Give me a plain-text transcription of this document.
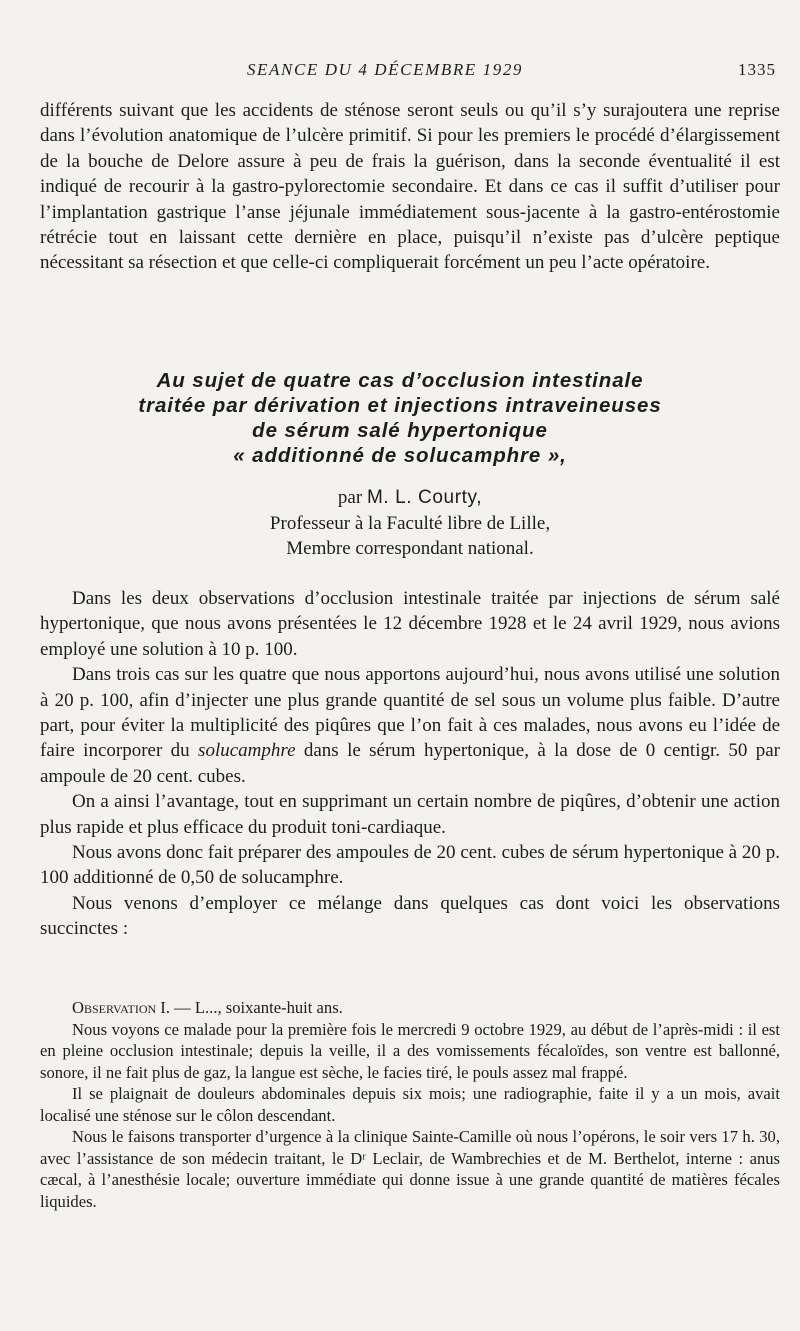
SEANCE DU 4 DÉCEMBRE 1929	1335

différents suivant que les accidents de sténose seront seuls ou qu’il s’y surajoutera une reprise dans l’évolution anatomique de l’ulcère primitif. Si pour les premiers le procédé d’élargissement de la bouche de Delore assure à peu de frais la guérison, dans la seconde éventualité il est indiqué de recourir à la gastro-pylorectomie secondaire. Et dans ce cas il suffit d’utiliser pour l’implantation gastrique l’anse jéjunale immédiatement sous-jacente à la gastro-entérostomie rétrécie tout en laissant cette dernière en place, puisqu’il n’existe pas d’ulcère peptique nécessitant sa résection et que celle-ci compliquerait forcément un peu l’acte opératoire.

Au sujet de quatre cas d’occlusion intestinale
traitée par dérivation et injections intraveineuses
de sérum salé hypertonique
« additionné de solucamphre »,
par M. L. Courty,
Professeur à la Faculté libre de Lille,
Membre correspondant national.

Dans les deux observations d’occlusion intestinale traitée par injections de sérum salé hypertonique, que nous avons présentées le 12 décembre 1928 et le 24 avril 1929, nous avions employé une solution à 10 p. 100.

Dans trois cas sur les quatre que nous apportons aujourd’hui, nous avons utilisé une solution à 20 p. 100, afin d’injecter une plus grande quantité de sel sous un volume plus faible. D’autre part, pour éviter la multiplicité des piqûres que l’on fait à ces malades, nous avons eu l’idée de faire incorporer du solucamphre dans le sérum hypertonique, à la dose de 0 centigr. 50 par ampoule de 20 cent. cubes.

On a ainsi l’avantage, tout en supprimant un certain nombre de piqûres, d’obtenir une action plus rapide et plus efficace du produit toni-cardiaque.

Nous avons donc fait préparer des ampoules de 20 cent. cubes de sérum hypertonique à 20 p. 100 additionné de 0,50 de solucamphre.

Nous venons d’employer ce mélange dans quelques cas dont voici les observations succinctes :

Observation I. — L..., soixante-huit ans.

Nous voyons ce malade pour la première fois le mercredi 9 octobre 1929, au début de l’après-midi : il est en pleine occlusion intestinale; depuis la veille, il a des vomissements fécaloïdes, son ventre est ballonné, sonore, il ne fait plus de gaz, la langue est sèche, le facies tiré, le pouls assez mal frappé.

Il se plaignait de douleurs abdominales depuis six mois; une radiographie, faite il y a un mois, avait localisé une sténose sur le côlon descendant.

Nous le faisons transporter d’urgence à la clinique Sainte-Camille où nous l’opérons, le soir vers 17 h. 30, avec l’assistance de son médecin traitant, le Dʳ Leclair, de Wambrechies et de M. Berthelot, interne : anus cæcal, à l’anesthésie locale; ouverture immédiate qui donne issue à une grande quantité de matières fécales liquides.
